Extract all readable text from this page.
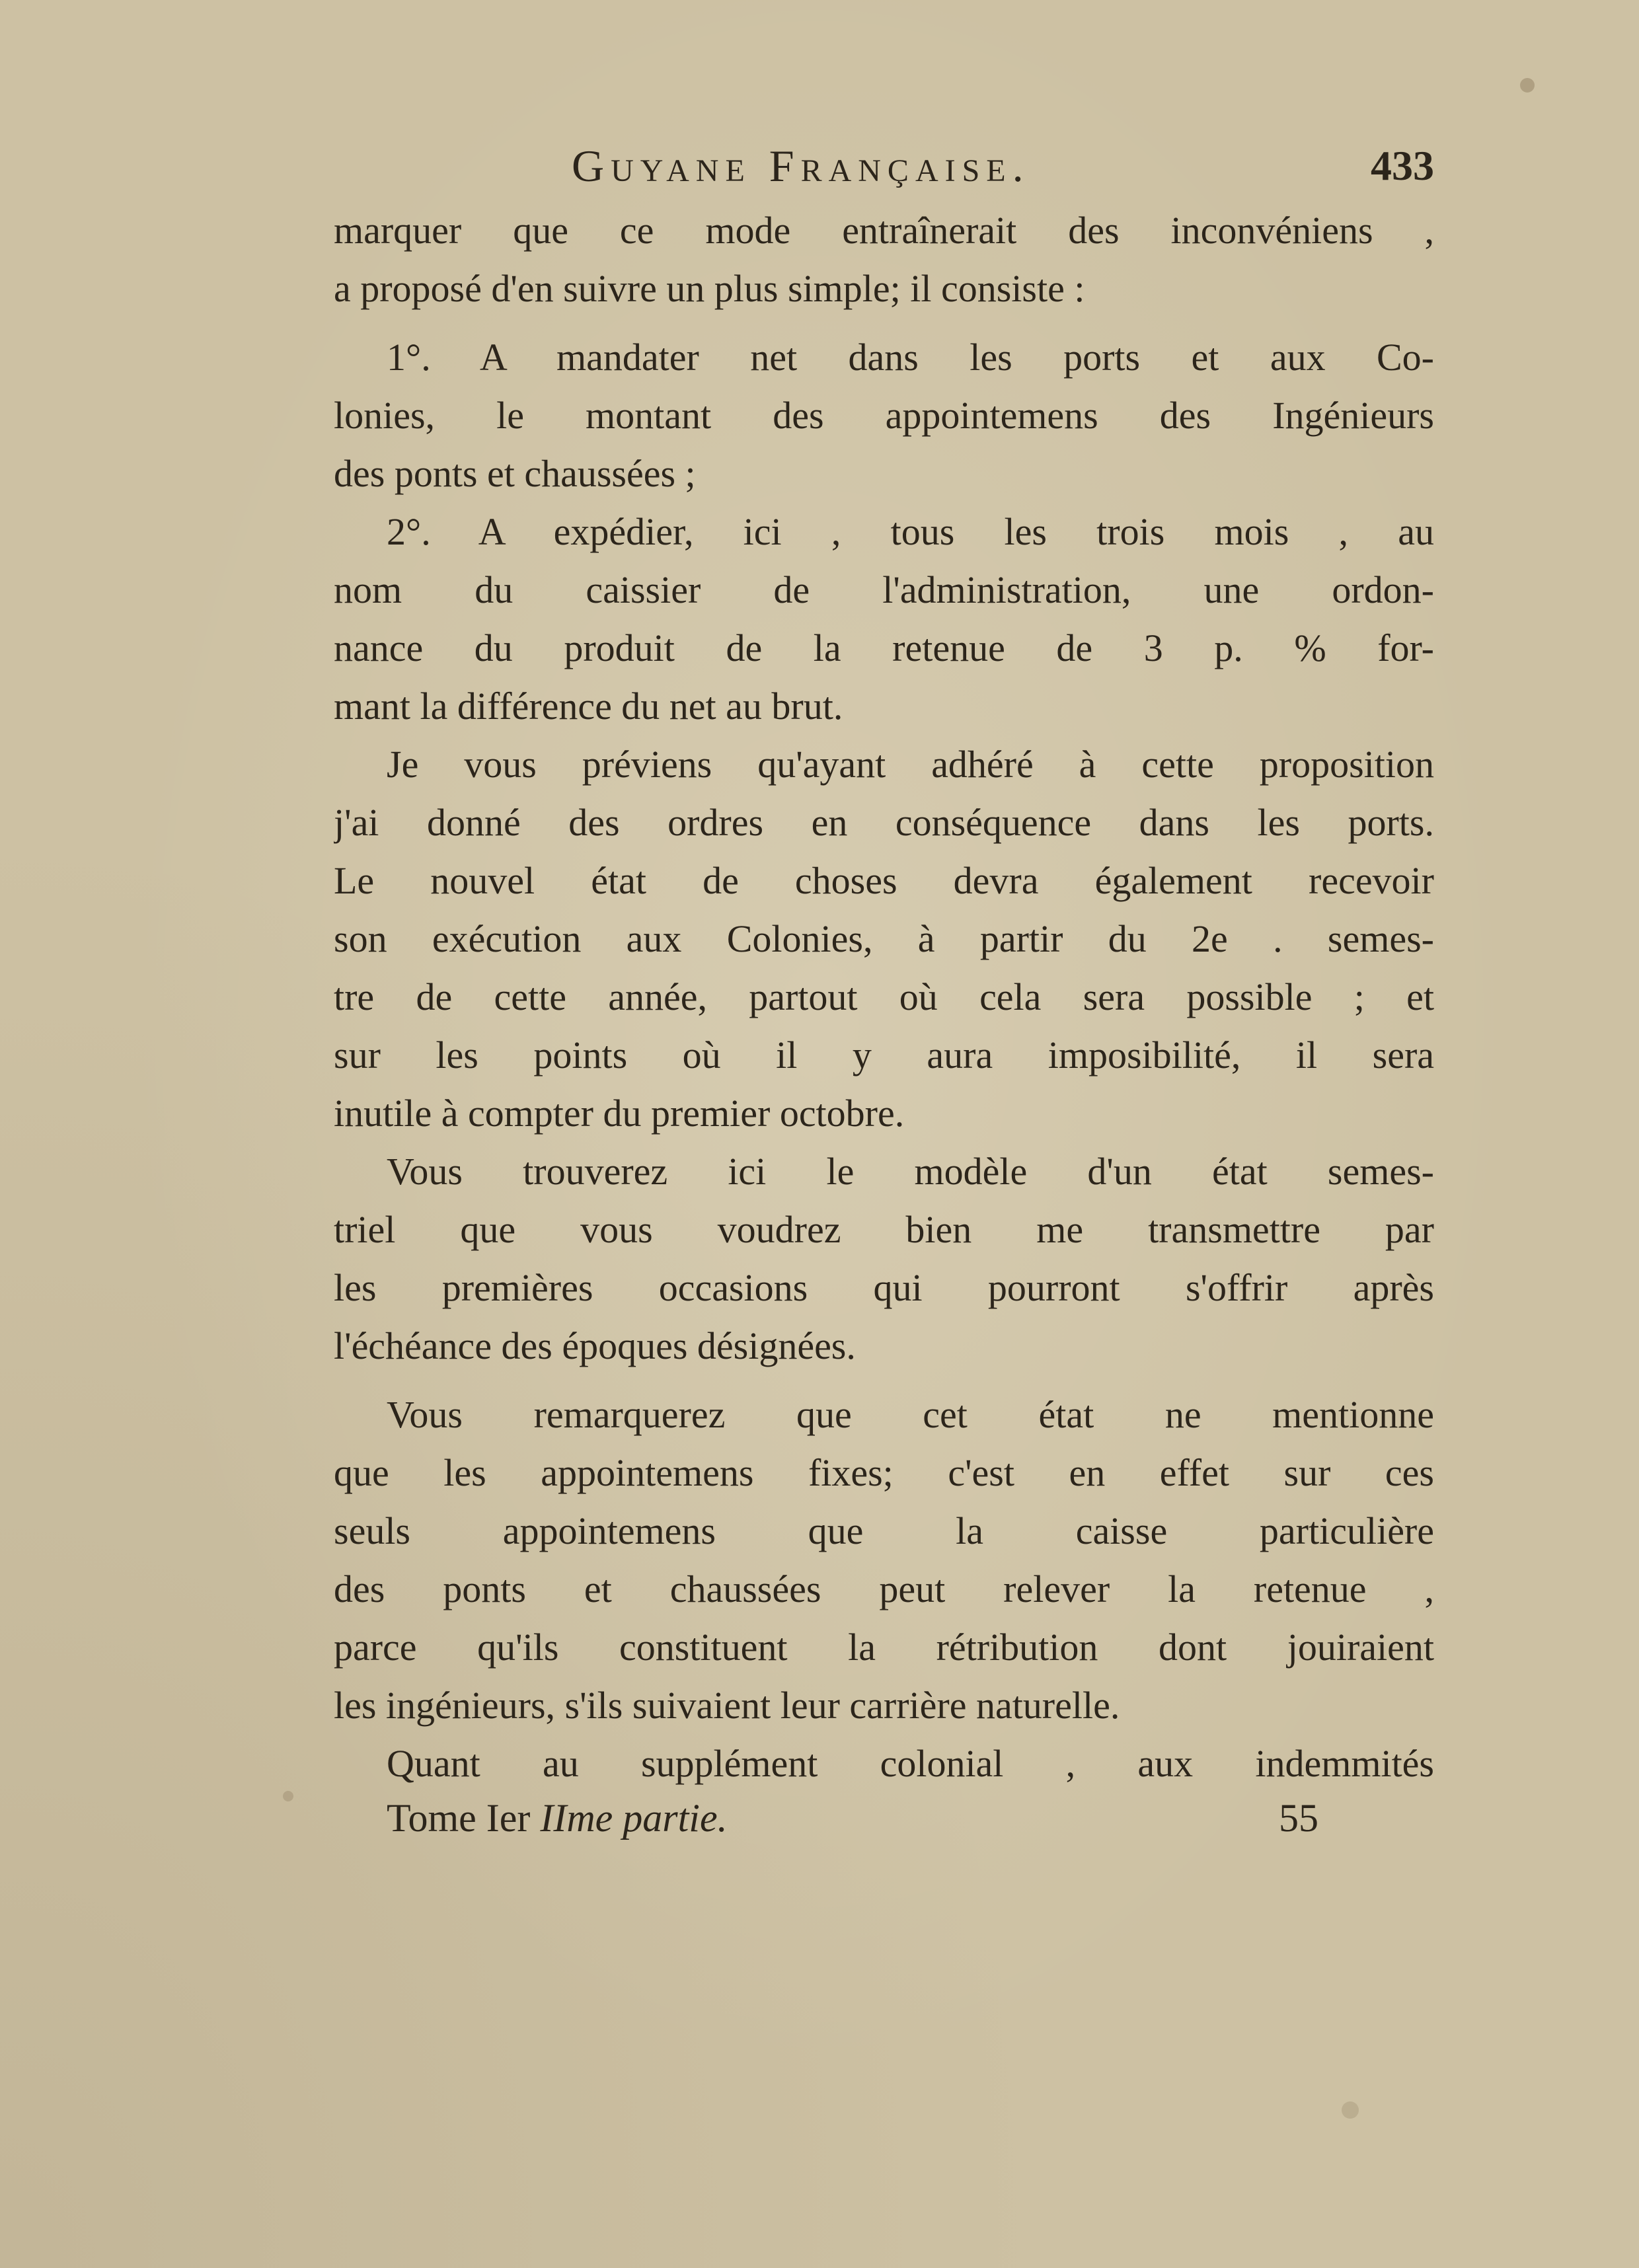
Guyane Française.	433
marquer que ce mode entraînerait des inconvéniens ,
a proposé d'en suivre un plus simple; il consiste :
1°. A mandater net dans les ports et aux Co-
lonies, le montant des appointemens des Ingénieurs
des ponts et chaussées ;
2°. A expédier, ici , tous les trois mois , au
nom du caissier de l'administration, une ordon-
nance du produit de la retenue de 3 p. % for-
mant la différence du net au brut.
Je vous préviens qu'ayant adhéré à cette proposition
j'ai donné des ordres en conséquence dans les ports.
Le nouvel état de choses devra également recevoir
son exécution aux Colonies, à partir du 2e . semes-
tre de cette année, partout où cela sera possible ; et
sur les points où il y aura imposibilité, il sera
inutile à compter du premier octobre.
Vous trouverez ici le modèle d'un état semes-
triel que vous voudrez bien me transmettre par
les premières occasions qui pourront s'offrir après
l'échéance des époques désignées.
Vous remarquerez que cet état ne mentionne
que les appointemens fixes; c'est en effet sur ces
seuls appointemens que la caisse particulière
des ponts et chaussées peut relever la retenue ,
parce qu'ils constituent la rétribution dont jouiraient
les ingénieurs, s'ils suivaient leur carrière naturelle.
Quant au supplément colonial , aux indemmités
Tome Ier IIme partie.	55
